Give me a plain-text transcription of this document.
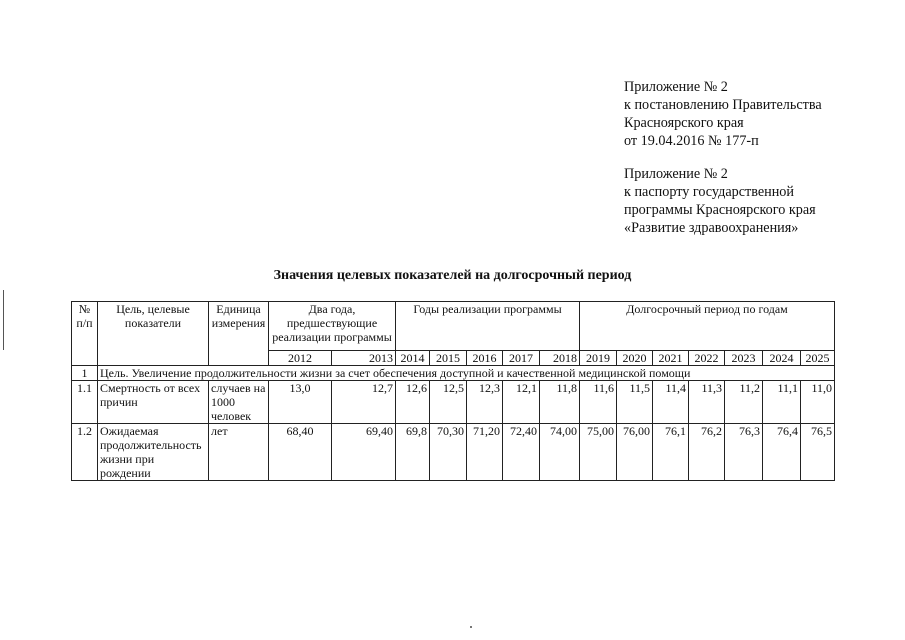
Приложение № 2
к постановлению Правительства
Красноярского края
от 19.04.2016 № 177-п
Приложение № 2
к паспорту государственной
программы Красноярского края
«Развитие здравоохранения»
Значения целевых показателей на долгосрочный период
№ п/п	Цель, целевые показатели	Единица измерения	Два года, предшествующие реализации программы		Годы реализации программы					Долгосрочный период по годам						
			2012	2013	2014	2015	2016	2017	2018	2019	2020	2021	2022	2023	2024	2025
1	Цель. Увеличение продолжительности жизни за счет обеспечения доступной и качественной медицинской помощи															
1.1	Смертность от всех причин	случаев на 1000 человек	13,0	12,7	12,6	12,5	12,3	12,1	11,8	11,6	11,5	11,4	11,3	11,2	11,1	11,0
1.2	Ожидаемая продолжительность жизни при рождении	лет	68,40	69,40	69,8	70,30	71,20	72,40	74,00	75,00	76,00	76,1	76,2	76,3	76,4	76,5
